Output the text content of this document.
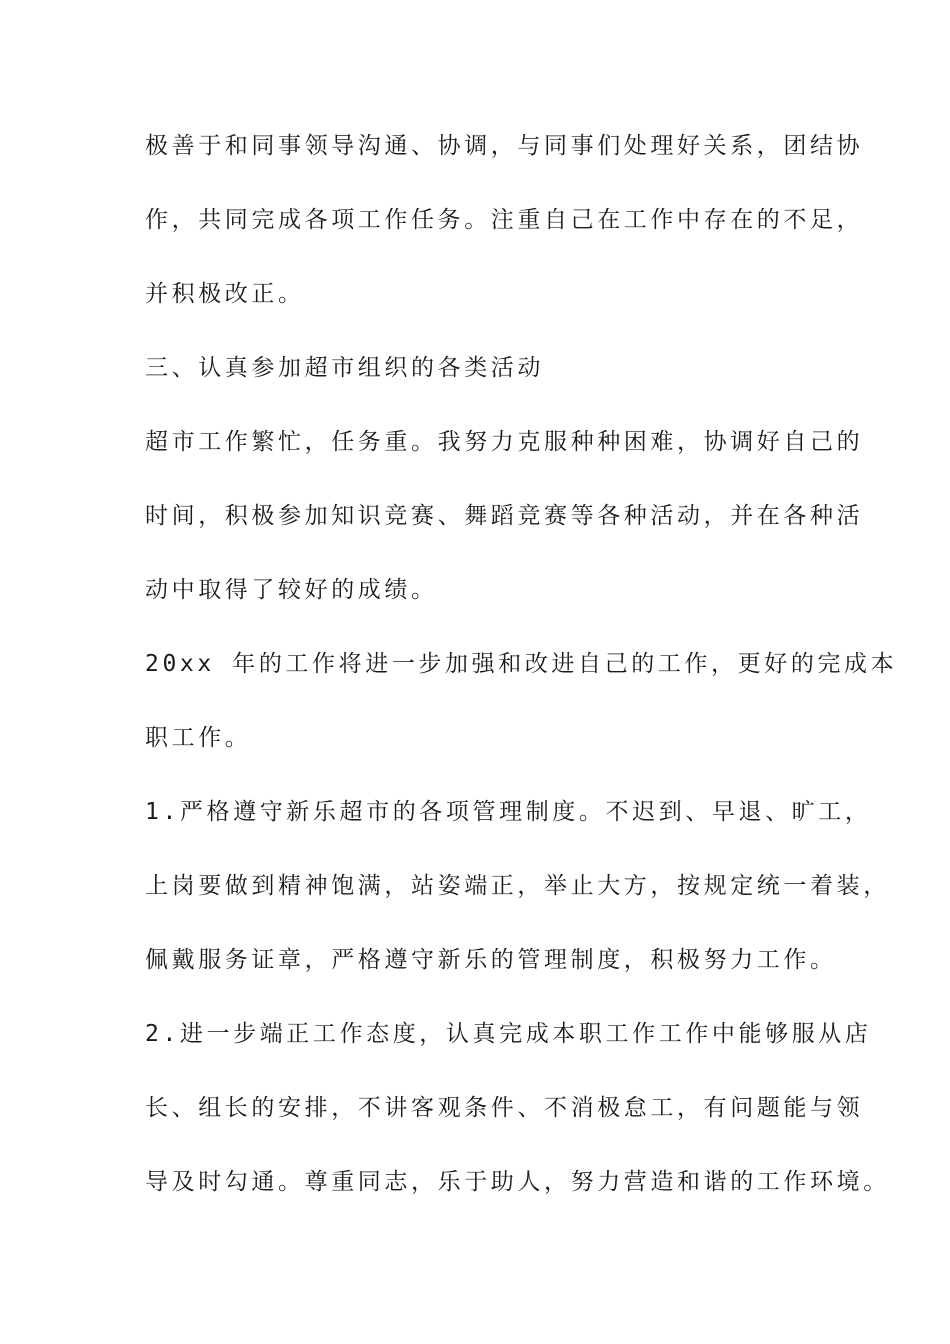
极善于和同事领导沟通、协调，与同事们处理好关系，团结协
作，共同完成各项工作任务。注重自己在工作中存在的不足，
并积极改正。
三、认真参加超市组织的各类活动
超市工作繁忙，任务重。我努力克服种种困难，协调好自己的
时间，积极参加知识竞赛、舞蹈竞赛等各种活动，并在各种活
动中取得了较好的成绩。
20xx 年的工作将进一步加强和改进自己的工作，更好的完成本
职工作。
1.严格遵守新乐超市的各项管理制度。不迟到、早退、旷工，
上岗要做到精神饱满，站姿端正，举止大方，按规定统一着装，
佩戴服务证章，严格遵守新乐的管理制度，积极努力工作。
2.进一步端正工作态度，认真完成本职工作工作中能够服从店
长、组长的安排，不讲客观条件、不消极怠工，有问题能与领
导及时勾通。尊重同志，乐于助人，努力营造和谐的工作环境。
